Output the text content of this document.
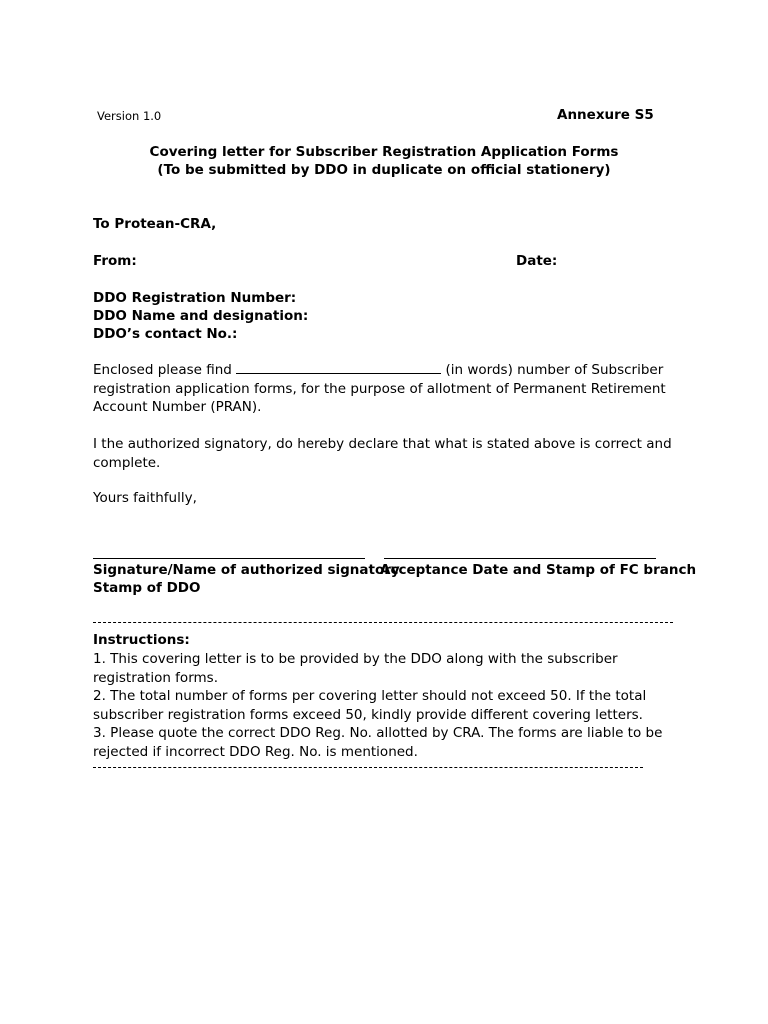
Version 1.0	Annexure S5
Covering letter for Subscriber Registration Application Forms
(To be submitted by DDO in duplicate on official stationery)
To Protean-CRA,
From:	Date:
DDO Registration Number:
DDO Name and designation:
DDO’s contact No.:
Enclosed please find	(in words) number of Subscriber registration application forms, for the purpose of allotment of Permanent Retirement Account Number (PRAN).
I the authorized signatory, do hereby declare that what is stated above is correct and complete.
Yours faithfully,
Signature/Name of authorized signatory
Acceptance Date and Stamp of FC branch
Stamp of DDO
Instructions:
1. This covering letter is to be provided by the DDO along with the subscriber registration forms.
2. The total number of forms per covering letter should not exceed 50. If the total subscriber registration forms exceed 50, kindly provide different covering letters.
3. Please quote the correct DDO Reg. No. allotted by CRA. The forms are liable to be rejected if incorrect DDO Reg. No. is mentioned.
